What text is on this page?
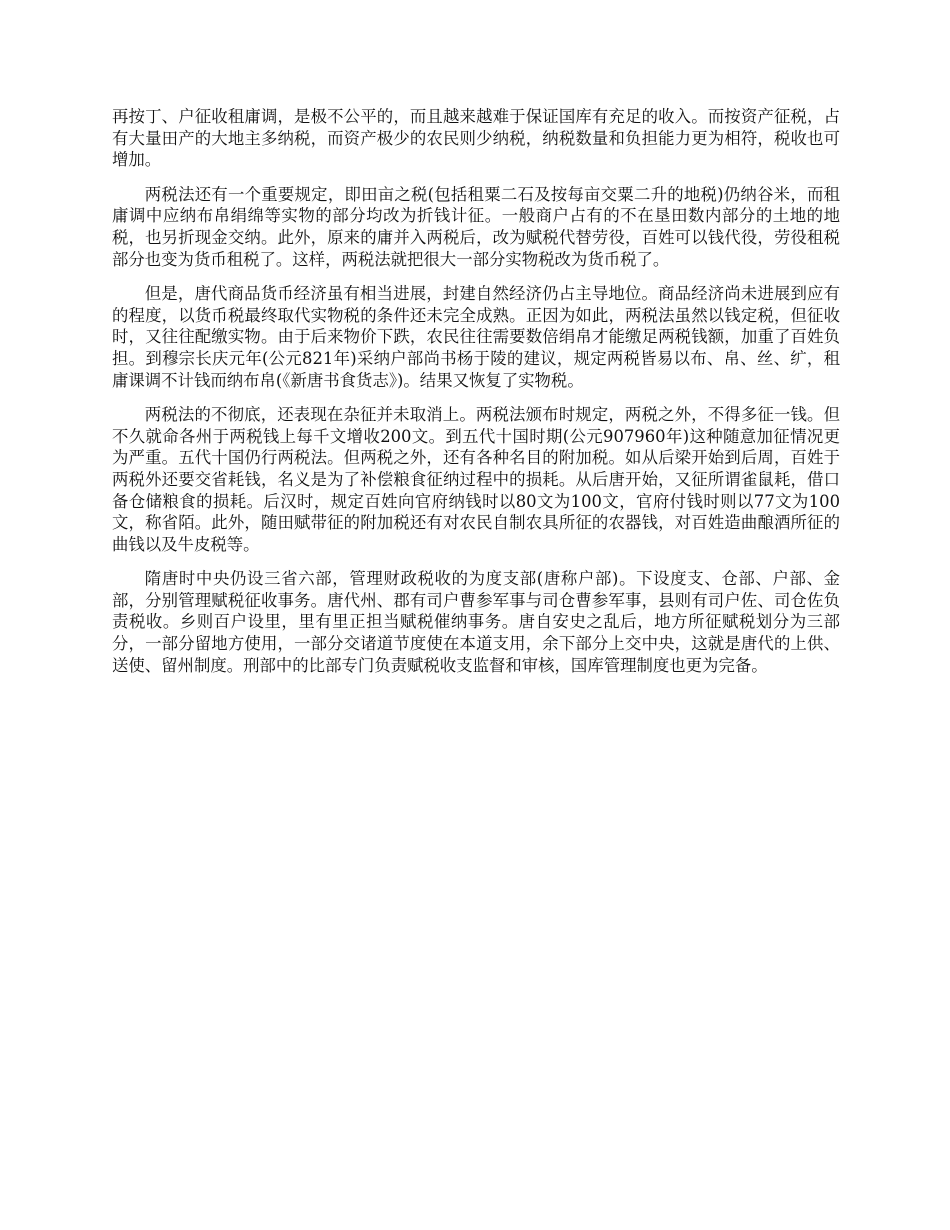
再按丁、户征收租庸调，是极不公平的，而且越来越难于保证国库有充足的收入。而按资产征税，占有大量田产的大地主多纳税，而资产极少的农民则少纳税，纳税数量和负担能力更为相符，税收也可增加。

两税法还有一个重要规定，即田亩之税(包括租粟二石及按每亩交粟二升的地税)仍纳谷米，而租庸调中应纳布帛绢绵等实物的部分均改为折钱计征。一般商户占有的不在垦田数内部分的土地的地税，也另折现金交纳。此外，原来的庸并入两税后，改为赋税代替劳役，百姓可以钱代役，劳役租税部分也变为货币租税了。这样，两税法就把很大一部分实物税改为货币税了。

但是，唐代商品货币经济虽有相当进展，封建自然经济仍占主导地位。商品经济尚未进展到应有的程度，以货币税最终取代实物税的条件还未完全成熟。正因为如此，两税法虽然以钱定税，但征收时，又往往配缴实物。由于后来物价下跌，农民往往需要数倍绢帛才能缴足两税钱额，加重了百姓负担。到穆宗长庆元年(公元821年)采纳户部尚书杨于陵的建议，规定两税皆易以布、帛、丝、纩，租庸课调不计钱而纳布帛(《新唐书食货志》)。结果又恢复了实物税。

两税法的不彻底，还表现在杂征并未取消上。两税法颁布时规定，两税之外，不得多征一钱。但不久就命各州于两税钱上每千文增收200文。到五代十国时期(公元907960年)这种随意加征情况更为严重。五代十国仍行两税法。但两税之外，还有各种名目的附加税。如从后梁开始到后周，百姓于两税外还要交省耗钱，名义是为了补偿粮食征纳过程中的损耗。从后唐开始，又征所谓雀鼠耗，借口备仓储粮食的损耗。后汉时，规定百姓向官府纳钱时以80文为100文，官府付钱时则以77文为100文，称省陌。此外，随田赋带征的附加税还有对农民自制农具所征的农器钱，对百姓造曲酿酒所征的曲钱以及牛皮税等。

隋唐时中央仍设三省六部，管理财政税收的为度支部(唐称户部)。下设度支、仓部、户部、金部，分别管理赋税征收事务。唐代州、郡有司户曹参军事与司仓曹参军事，县则有司户佐、司仓佐负责税收。乡则百户设里，里有里正担当赋税催纳事务。唐自安史之乱后，地方所征赋税划分为三部分，一部分留地方使用，一部分交诸道节度使在本道支用，余下部分上交中央，这就是唐代的上供、送使、留州制度。刑部中的比部专门负责赋税收支监督和审核，国库管理制度也更为完备。
